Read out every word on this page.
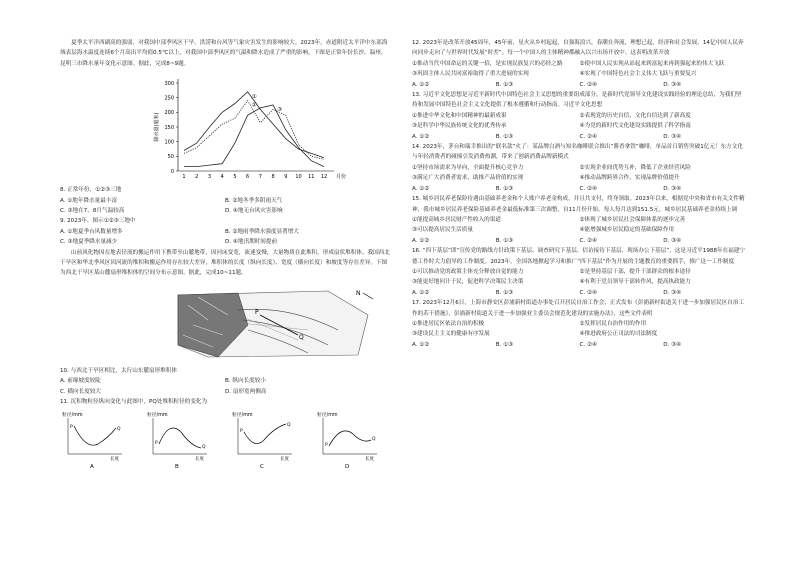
夏季太平洋西副高的强弱，对我国中部季风区干旱、洪涝和台风等气象灾害发生的影响较大。2023年，赤道附近太平洋中东部海域表层海水温度连续6个月高出平均值0.5℃以上，对我国中部季风区的气温和降水造成了严重的影响。下图是正常年份长沙、温州、昆明三市降水量年变化示意图。据此，完成8~9题。

0
50
100
150
200
250
300
1 2 3 4 5 6 7 8 9 10 11 12 月份
降水量(毫米)
①
②
③

8. 正常年份，①②③三地

A. ①地年降水量最丰富	B. ②地冬季多阴雨天气
C. ③地在7、8月气温较高	D. ④地无台风灾害影响

9. 2023年，图示①②③三地中

A. ①地夏季台风数量增多	B. ②地雨季降水强度显著增大
C. ③地夏季降水量减少	D. ④地汛期时间提前

山前风化物因在地表径流的搬运作用下携带至山麓地带，因河床变宽，流速变慢，大量物质在此堆积，形成扇状堆积体。我国西北干旱区和华北季风区因河流的堆积和搬运作用存在较大差异，堆积体的长度（纵向长度）、宽度（横向长度）和坡度等存在差异。下图为西北干旱区某山麓扇形堆积体的空间分布示意图，据此，完成10~11题。

P
Q
N

10. 与西北干旱区相比，太行山东麓扇形堆积体

A. 前缘坡度较陡	B. 纵向长度较小
C. 横向长度较大	D. 扇形宽两侧高

11. 沉积物粒径纵向变化与此图中，PQ处堆积粒径的变化为

粒径/mm
P	Q
长度
A
粒径/mm
P
Q
长度
B
粒径/mm
P
Q
长度
C
粒径/mm
P
Q
长度
D

12. 2023年是改革开放45周年，45年前，星火从乡村起起，自强海浪兴，春潮在奔流，理想已起，经济和社会发展，14亿中国人民奔向同步走向了与世界时代发展“时差”。每一个中国人的主体精神都融入以兴市场开放中。这表明改革开放

①推动当代中国命运的关键一招，是实现民族复兴的必经之路	②使中国人民实现从站起来到富起来再到强起来的伟大飞跃
③巩固主体人民共同富裕取得了重大进展的实现	④实现了中国特色社会主义伟大飞跃与重要复兴
A. ①②	B. ①③	C. ②④	D. ③④

13. 习近平文化思想是习近平新时代中国特色社会主义思想的重要组成部分，是新时代党领导文化建设实践经验的理论总结，为我们坚持和发展中国特色社会主义文化提供了根本遵循和行动指南。习近平文化思想

①推进中华文化和中国精神的最新成果	②表现党的历史自信，文化自信达到了新高度
③是科学中华民族传统文化的优秀传承	④为党的新时代文化建设实践提供了科学指南
A. ①②	B. ①③	C. ②④	D. ③④

14. 2023年，茅台和瑞幸推出的“联名款”火了：某品牌白酒与知名咖啡联合推出“酱香拿铁”咖啡，单品首日销售突破1亿元！东方文化与年轻消费者的碰撞引发消费热潮，带来了创新消费品牌新模式

①坚持市场需求为导向，全面提升核心竞争力	②实现企业间优势互补，降低了企业经营风险
③满足广大消费者需求，助推产品价值的实现	④推动品牌跨界合作，实现品牌价值提升
A. ①②	B. ①③	C. ②④	D. ③④

15. 城乡居民养老保险待遇由基础养老金和个人账户养老金构成，并且共支付，终身领取。2023年以来，根据党中央和省市有关文件精神，我市城乡居民养老保险基础养老金最低标准第三次调整，自11月份开始，每人每月达到151.5元。城乡居民基础养老金持续上调

①能提高城乡居民财产性收入的渠道	②体现了城乡居民社会保障体系的逐步完善
③可以提高居民生活质量	④能增强城乡居民稳定的基础保障作用
A. ①②	B. ①③	C. ②④	D. ③④

16. “四下基层”即“宣传党的路线方针政策下基层、调查研究下基层、信访接待下基层、现场办公下基层”，这是习近平1988年在福建宁德工作时大力倡导的工作制度。2023年，全国各地掀起学习和推广“四下基层”作为开展的主题教育的重要抓手，推广这一工作制度

①可以推动党的政策主体充分释放自觉的能力	②是坚持基层干部，提升干部群众的根本途径
③能更好地问计于民，促进科学决策民主决策	④有利于党员领导干部转作风，提高执政能力
A. ①②	B. ①③	C. ②④	D. ③④

17. 2023年12月6日，上海市静安区彭浦新村街道办事处召开居民自治工作会，正式发布《彭浦新村街道关于进一步加强居民区自治工作的若干措施》，彭浦新村街道关于进一步加强业主委员会规范化建设的实施办法》，这些文件表明

①推进居民区依法自治的积极	②发挥居民自治作用的作用
③建设民主主义的健康有序发展	④推进政府公正司法的司法制度
A. ①②	B. ①③	C. ②④	D. ③④
